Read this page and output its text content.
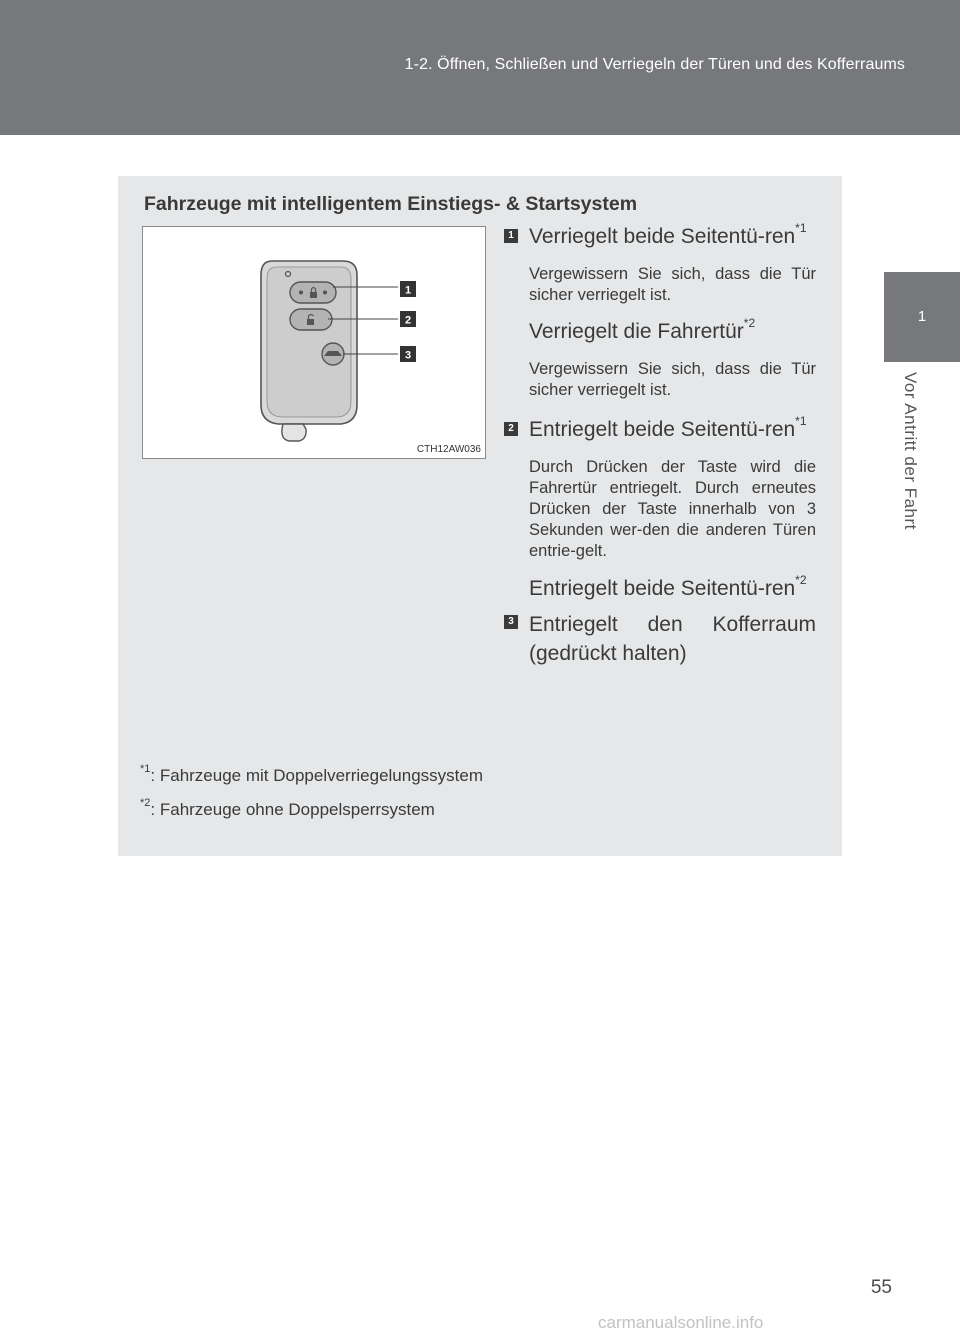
1-2. Öffnen, Schließen und Verriegeln der Türen und des Kofferraums
1
Vor Antritt der Fahrt
Fahrzeuge mit intelligentem Einstiegs- & Startsystem
1
2
3
CTH12AW036
1 Verriegelt beide Seitentü-ren$^{*1}$
Vergewissern Sie sich, dass die Tür sicher verriegelt ist.
Verriegelt die Fahrertür$^{*2}$
Vergewissern Sie sich, dass die Tür sicher verriegelt ist.
2 Entriegelt beide Seitentü-ren$^{*1}$
Durch Drücken der Taste wird die Fahrertür entriegelt. Durch erneutes Drücken der Taste innerhalb von 3 Sekunden wer-den die anderen Türen entrie-gelt.
Entriegelt beide Seitentü-ren$^{*2}$
3 Entriegelt den Kofferraum (gedrückt halten)
$^{*1}$: Fahrzeuge mit Doppelverriegelungssystem
$^{*2}$: Fahrzeuge ohne Doppelsperrsystem
55
carmanualsonline.info
